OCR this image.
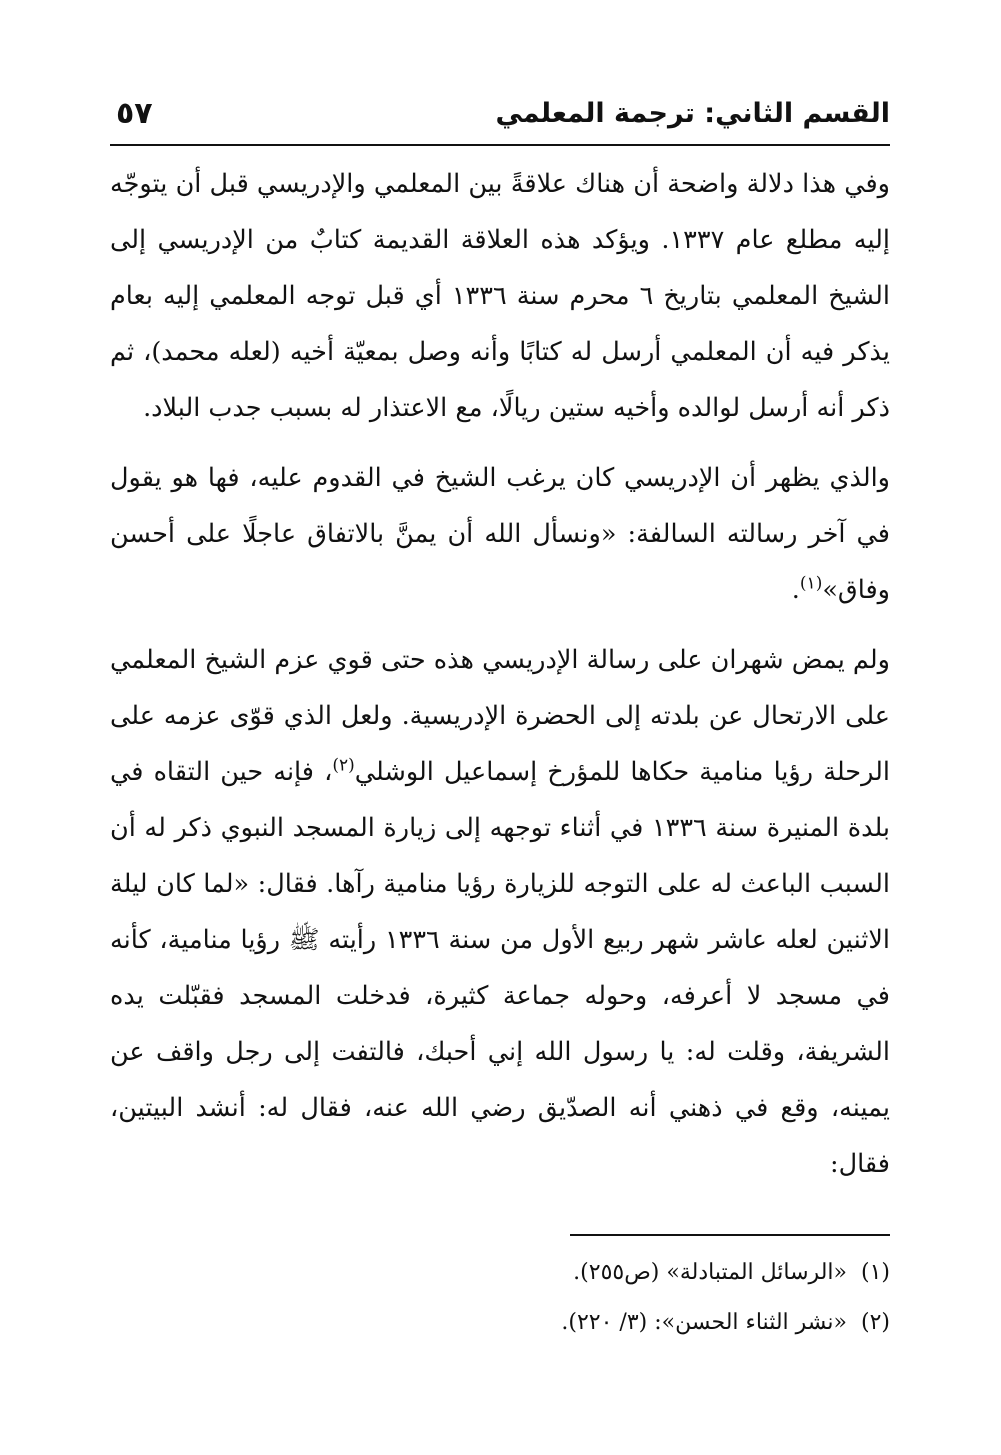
القسم الثاني: ترجمة المعلمي
٥٧

وفي هذا دلالة واضحة أن هناك علاقةً بين المعلمي والإدريسي قبل أن يتوجّه إليه مطلع عام ١٣٣٧. ويؤكد هذه العلاقة القديمة كتابٌ من الإدريسي إلى الشيخ المعلمي بتاريخ ٦ محرم سنة ١٣٣٦ أي قبل توجه المعلمي إليه بعام يذكر فيه أن المعلمي أرسل له كتابًا وأنه وصل بمعيّة أخيه (لعله محمد)، ثم ذكر أنه أرسل لوالده وأخيه ستين ريالًا، مع الاعتذار له بسبب جدب البلاد.

والذي يظهر أن الإدريسي كان يرغب الشيخ في القدوم عليه، فها هو يقول في آخر رسالته السالفة: «ونسأل الله أن يمنَّ بالاتفاق عاجلًا على أحسن وفاق»$^{(١)}$.

ولم يمض شهران على رسالة الإدريسي هذه حتى قوي عزم الشيخ المعلمي على الارتحال عن بلدته إلى الحضرة الإدريسية. ولعل الذي قوّى عزمه على الرحلة رؤيا منامية حكاها للمؤرخ إسماعيل الوشلي$^{(٢)}$، فإنه حين التقاه في بلدة المنيرة سنة ١٣٣٦ في أثناء توجهه إلى زيارة المسجد النبوي ذكر له أن السبب الباعث له على التوجه للزيارة رؤيا منامية رآها. فقال: «لما كان ليلة الاثنين لعله عاشر شهر ربيع الأول من سنة ١٣٣٦ رأيته ﷺ رؤيا منامية، كأنه في مسجد لا أعرفه، وحوله جماعة كثيرة، فدخلت المسجد فقبّلت يده الشريفة، وقلت له: يا رسول الله إني أحبك، فالتفت إلى رجل واقف عن يمينه، وقع في ذهني أنه الصدّيق رضي الله عنه، فقال له: أنشد البيتين، فقال:

(١)«الرسائل المتبادلة» (ص٢٥٥).

(٢)«نشر الثناء الحسن»: (٣/ ٢٢٠).
